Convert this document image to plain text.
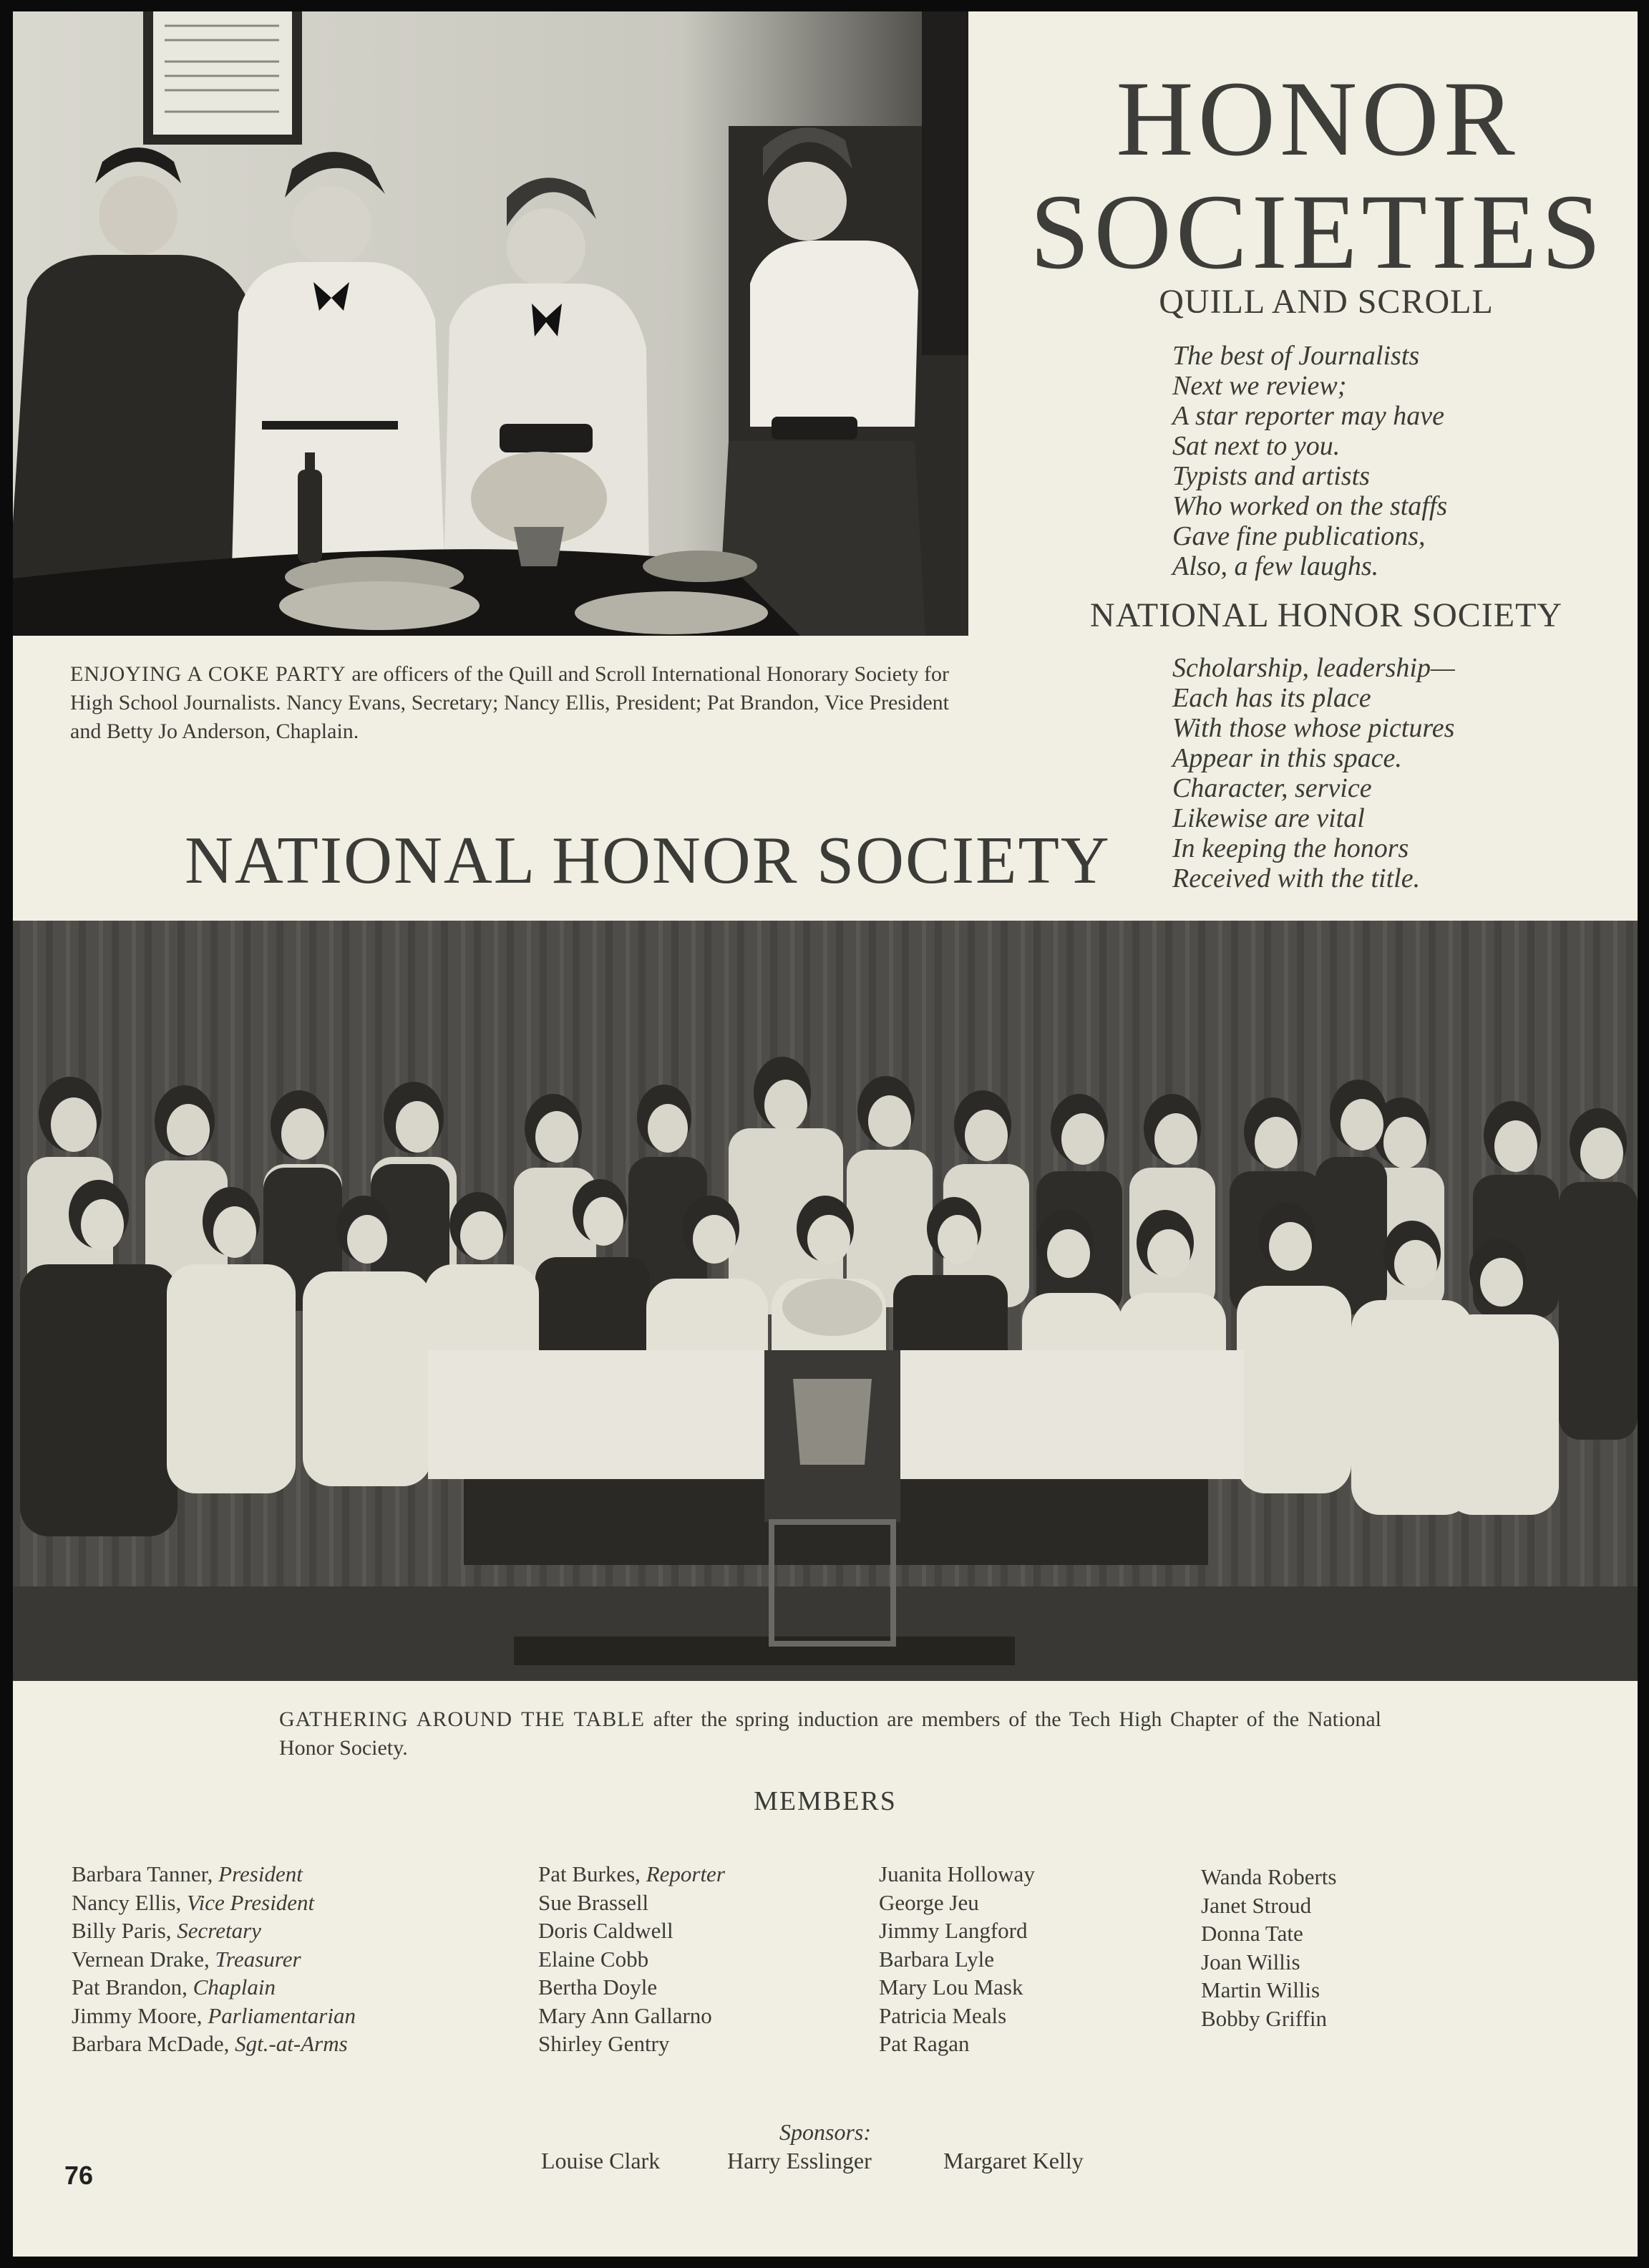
HONOR
SOCIETIES
QUILL AND SCROLL
The best of Journalists
Next we review;
A star reporter may have
Sat next to you.
Typists and artists
Who worked on the staffs
Gave fine publications,
Also, a few laughs.
NATIONAL HONOR SOCIETY
Scholarship, leadership—
Each has its place
With those whose pictures
Appear in this space.
Character, service
Likewise are vital
In keeping the honors
Received with the title.
ENJOYING A COKE PARTY are officers of the Quill and Scroll International Honorary Society for High School Journalists. Nancy Evans, Secretary; Nancy Ellis, President; Pat Brandon, Vice President and Betty Jo Anderson, Chaplain.
NATIONAL HONOR SOCIETY
GATHERING AROUND THE TABLE after the spring induction are members of the Tech High Chapter of the National Honor Society.
MEMBERS
Barbara Tanner, President
Nancy Ellis, Vice President
Billy Paris, Secretary
Vernean Drake, Treasurer
Pat Brandon, Chaplain
Jimmy Moore, Parliamentarian
Barbara McDade, Sgt.-at-Arms
Pat Burkes, Reporter
Sue Brassell
Doris Caldwell
Elaine Cobb
Bertha Doyle
Mary Ann Gallarno
Shirley Gentry
Juanita Holloway
George Jeu
Jimmy Langford
Barbara Lyle
Mary Lou Mask
Patricia Meals
Pat Ragan
Wanda Roberts
Janet Stroud
Donna Tate
Joan Willis
Martin Willis
Bobby Griffin
Sponsors:
Louise Clark	Harry Esslinger	Margaret Kelly
76
